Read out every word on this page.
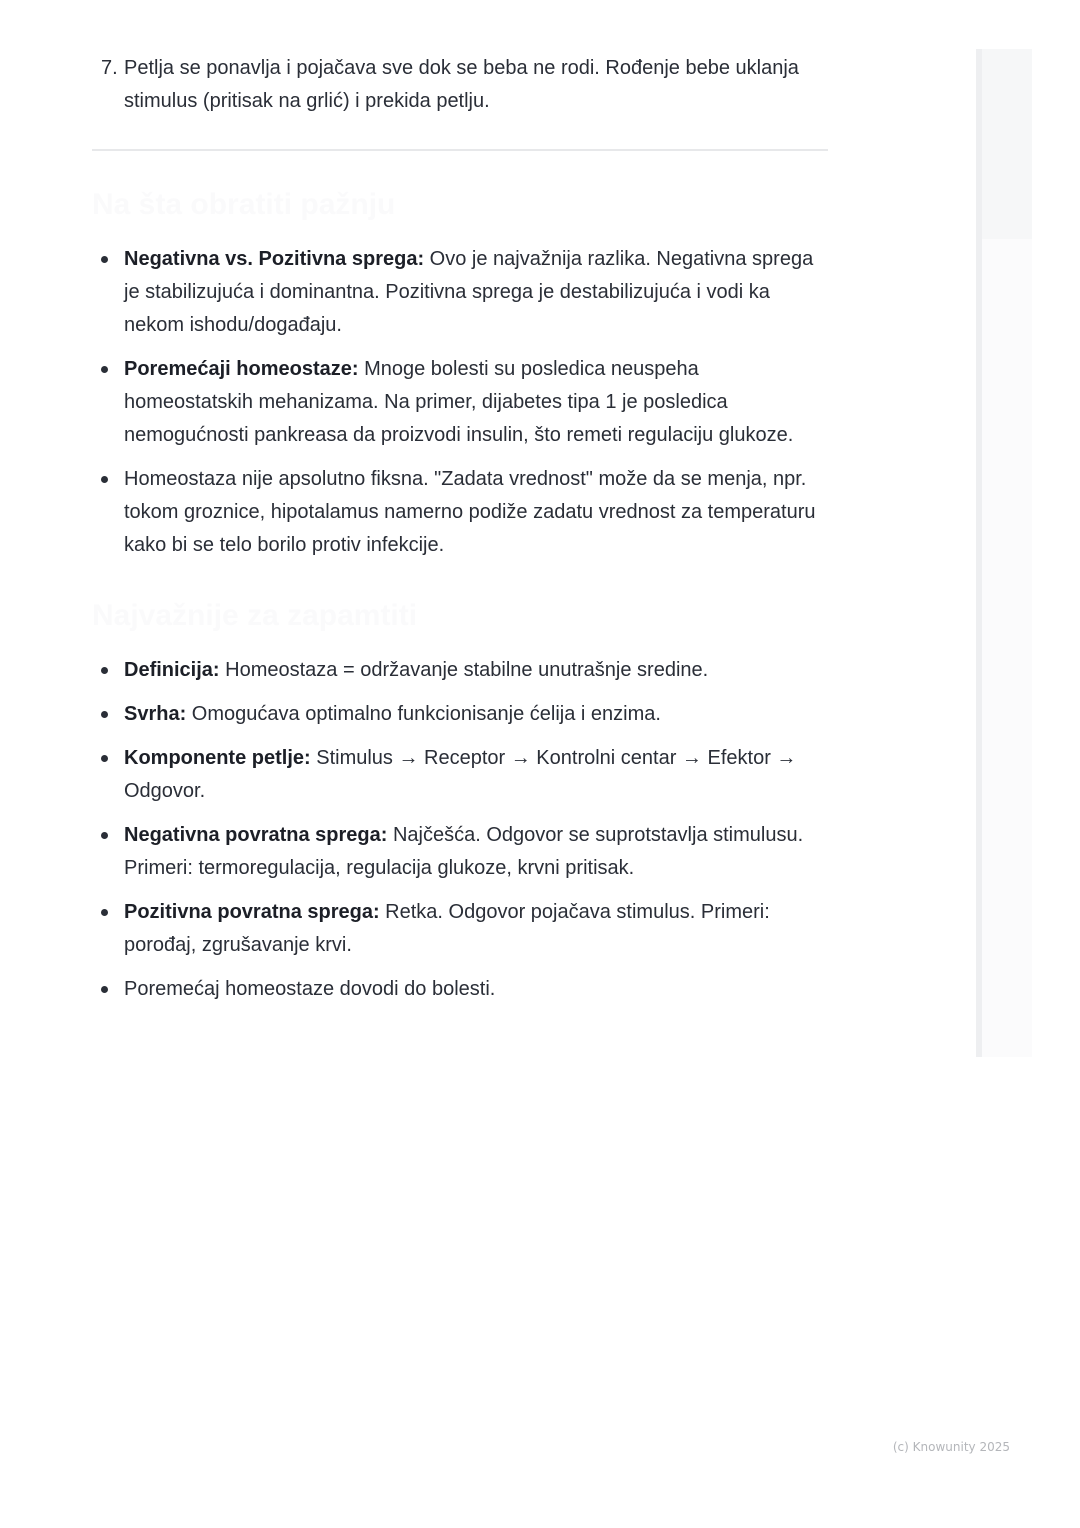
7. Petlja se ponavlja i pojačava sve dok se beba ne rodi. Rođenje bebe uklanja stimulus (pritisak na grlić) i prekida petlju.
Na šta obratiti pažnju
Negativna vs. Pozitivna sprega: Ovo je najvažnija razlika. Negativna sprega je stabilizujuća i dominantna. Pozitivna sprega je destabilizujuća i vodi ka nekom ishodu/događaju.
Poremećaji homeostaze: Mnoge bolesti su posledica neuspeha homeostatskih mehanizama. Na primer, dijabetes tipa 1 je posledica nemogućnosti pankreasa da proizvodi insulin, što remeti regulaciju glukoze.
Homeostaza nije apsolutno fiksna. "Zadata vrednost" može da se menja, npr. tokom groznice, hipotalamus namerno podiže zadatu vrednost za temperaturu kako bi se telo borilo protiv infekcije.
Najvažnije za zapamtiti
Definicija: Homeostaza = održavanje stabilne unutrašnje sredine.
Svrha: Omogućava optimalno funkcionisanje ćelija i enzima.
Komponente petlje: Stimulus → Receptor → Kontrolni centar → Efektor → Odgovor.
Negativna povratna sprega: Najčešća. Odgovor se suprotstavlja stimulusu. Primeri: termoregulacija, regulacija glukoze, krvni pritisak.
Pozitivna povratna sprega: Retka. Odgovor pojačava stimulus. Primeri: porođaj, zgrušavanje krvi.
Poremećaj homeostaze dovodi do bolesti.
(c) Knowunity 2025
